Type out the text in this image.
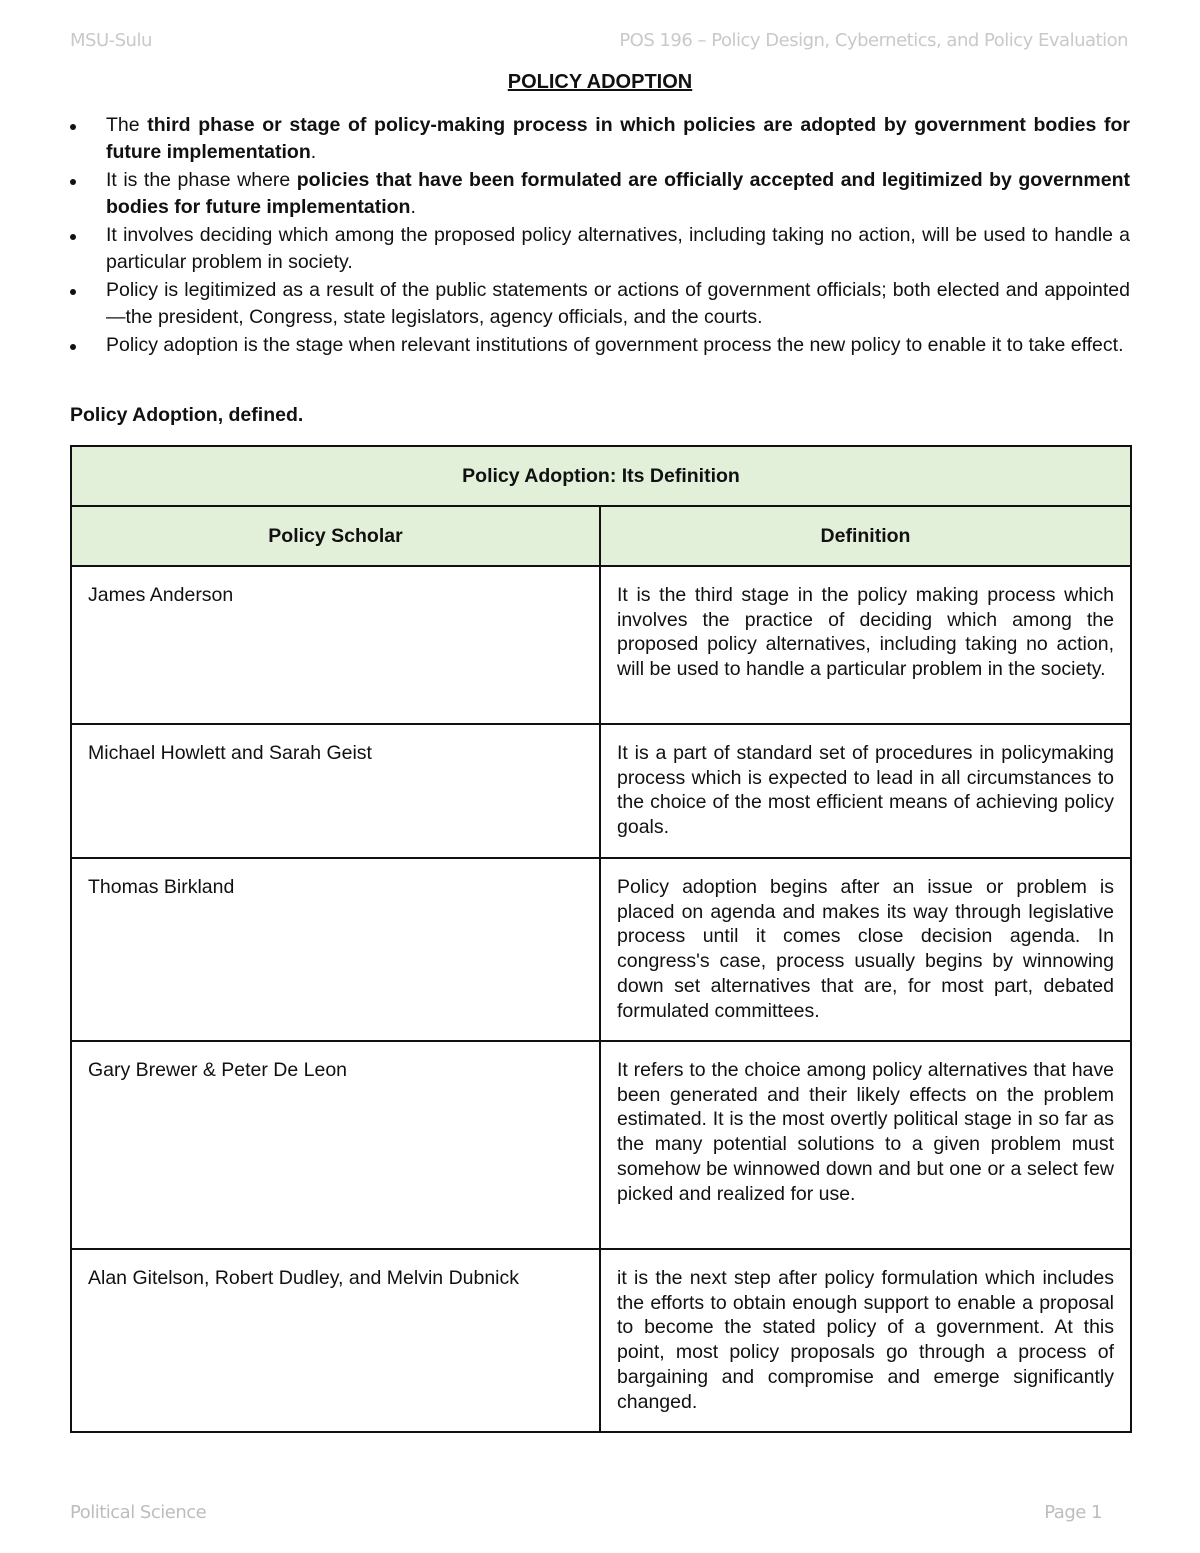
MSU-Sulu	POS 196 – Policy Design, Cybernetics, and Policy Evaluation
POLICY ADOPTION
The third phase or stage of policy-making process in which policies are adopted by government bodies for future implementation.
It is the phase where policies that have been formulated are officially accepted and legitimized by government bodies for future implementation.
It involves deciding which among the proposed policy alternatives, including taking no action, will be used to handle a particular problem in society.
Policy is legitimized as a result of the public statements or actions of government officials; both elected and appointed—the president, Congress, state legislators, agency officials, and the courts.
Policy adoption is the stage when relevant institutions of government process the new policy to enable it to take effect.
Policy Adoption, defined.
Policy Adoption: Its Definition	
Policy Scholar	Definition
James Anderson	It is the third stage in the policy making process which involves the practice of deciding which among the proposed policy alternatives, including taking no action, will be used to handle a particular problem in the society.
Michael Howlett and Sarah Geist	It is a part of standard set of procedures in policymaking process which is expected to lead in all circumstances to the choice of the most efficient means of achieving policy goals.
Thomas Birkland	Policy adoption begins after an issue or problem is placed on agenda and makes its way through legislative process until it comes close decision agenda. In congress's case, process usually begins by winnowing down set alternatives that are, for most part, debated formulated committees.
Gary Brewer & Peter De Leon	It refers to the choice among policy alternatives that have been generated and their likely effects on the problem estimated. It is the most overtly political stage in so far as the many potential solutions to a given problem must somehow be winnowed down and but one or a select few picked and realized for use.
Alan Gitelson, Robert Dudley, and Melvin Dubnick	it is the next step after policy formulation which includes the efforts to obtain enough support to enable a proposal to become the stated policy of a government. At this point, most policy proposals go through a process of bargaining and compromise and emerge significantly changed.
Political Science	Page 1
